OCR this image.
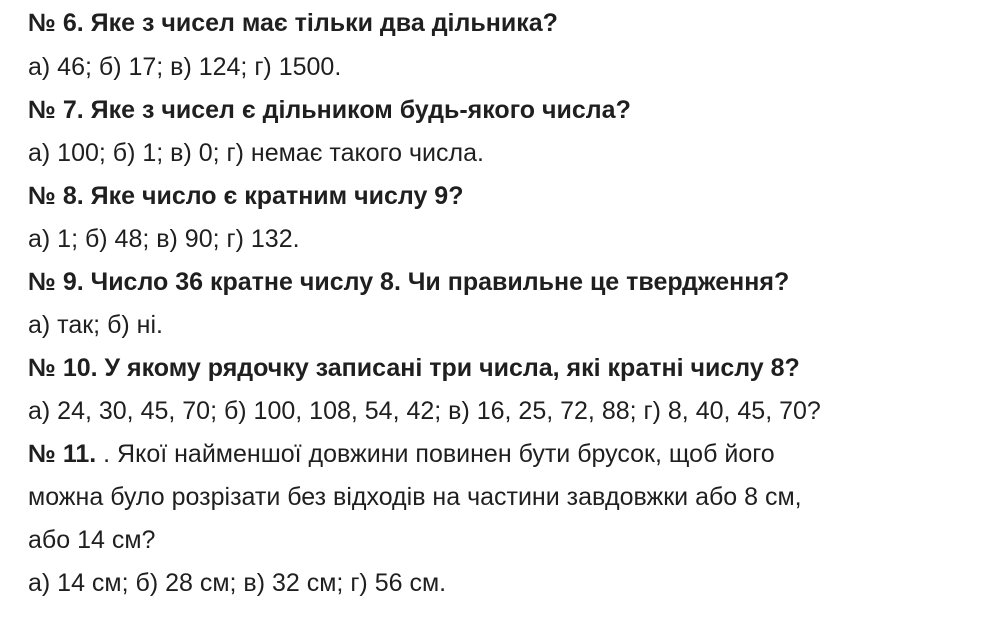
№ 6. Яке з чисел має тільки два дільника?
а) 46; б) 17; в) 124; г) 1500.
№ 7. Яке з чисел є дільником будь-якого числа?
а) 100; б) 1; в) 0; г) немає такого числа.
№ 8. Яке число є кратним числу 9?
а) 1; б) 48; в) 90; г) 132.
№ 9. Число 36 кратне числу 8. Чи правильне це твердження?
а) так; б) ні.
№ 10. У якому рядочку записані три числа, які кратні числу 8?
а) 24, 30, 45, 70; б) 100, 108, 54, 42; в) 16, 25, 72, 88; г) 8, 40, 45, 70?
№ 11. . Якої найменшої довжини повинен бути брусок, щоб його
можна було розрізати без відходів на частини завдовжки або 8 см,
або 14 см?
а) 14 см; б) 28 см; в) 32 см; г) 56 см.
